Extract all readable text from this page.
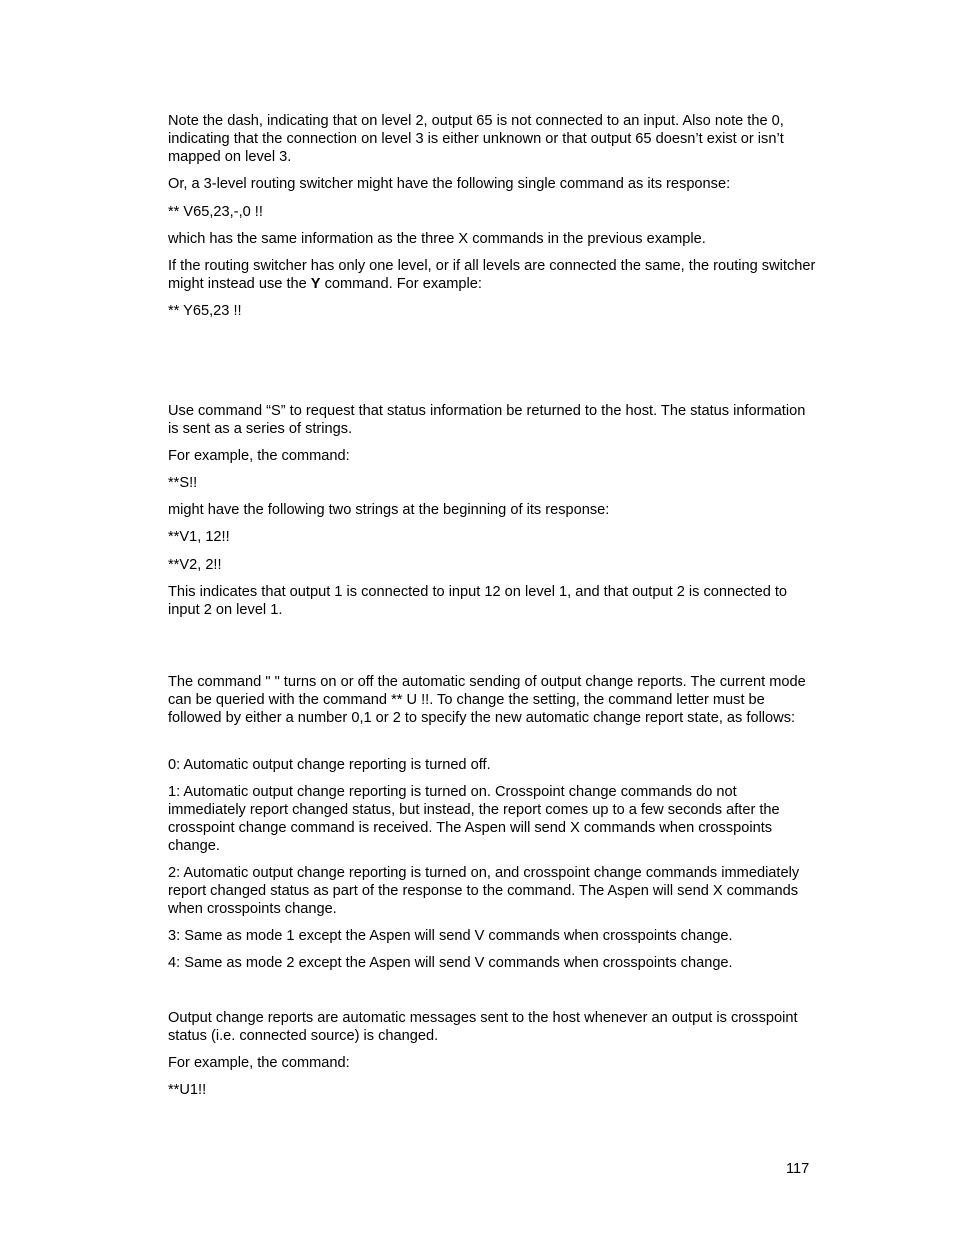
Note the dash, indicating that on level 2, output 65 is not connected to an input. Also note the 0, indicating that the connection on level 3 is either unknown or that output 65 doesn’t exist or isn’t mapped on level 3.

Or, a 3-level routing switcher might have the following single command as its response:

** V65,23,-,0 !!

which has the same information as the three X commands in the previous example.

If the routing switcher has only one level, or if all levels are connected the same, the routing switcher might instead use the Y command. For example:

** Y65,23 !!

Use command “S” to request that status information be returned to the host. The status information is sent as a series of strings.

For example, the command:

**S!!

might have the following two strings at the beginning of its response:

**V1, 12!!

**V2, 2!!

This indicates that output 1 is connected to input 12 on level 1, and that output 2 is connected to input 2 on level 1.

The command " " turns on or off the automatic sending of output change reports. The current mode can be queried with the command ** U !!. To change the setting, the command letter must be followed by either a number 0,1 or 2 to specify the new automatic change report state, as follows:

0: Automatic output change reporting is turned off.

1: Automatic output change reporting is turned on. Crosspoint change commands do not immediately report changed status, but instead, the report comes up to a few seconds after the crosspoint change command is received. The Aspen will send X commands when crosspoints change.

2: Automatic output change reporting is turned on, and crosspoint change commands immediately report changed status as part of the response to the command. The Aspen will send X commands when crosspoints change.

3: Same as mode 1 except the Aspen will send V commands when crosspoints change.

4: Same as mode 2 except the Aspen will send V commands when crosspoints change.

Output change reports are automatic messages sent to the host whenever an output is crosspoint status (i.e. connected source) is changed.

For example, the command:

**U1!!

117
